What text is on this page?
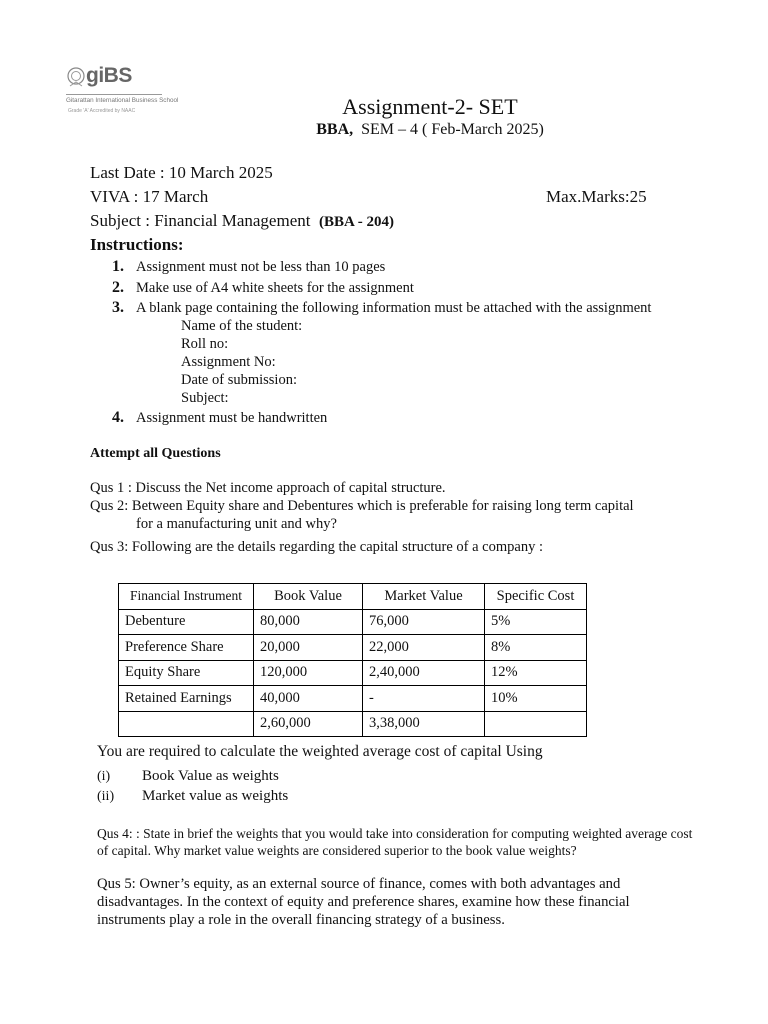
giBS
Gitarattan International Business School
Grade 'A' Accredited by NAAC	Assignment-2- SET
BBA, SEM – 4 ( Feb-March 2025)
Last Date : 10 March 2025
VIVA : 17 March	Max.Marks:25
Subject : Financial Management (BBA - 204)
Instructions:
1. Assignment must not be less than 10 pages
2. Make use of A4 white sheets for the assignment
3. A blank page containing the following information must be attached with the assignment
Name of the student:
Roll no:
Assignment No:
Date of submission:
Subject:
4. Assignment must be handwritten
Attempt all Questions
Qus 1 : Discuss the Net income approach of capital structure.
Qus 2: Between Equity share and Debentures which is preferable for raising long term capital
for a manufacturing unit and why?
Qus 3: Following are the details regarding the capital structure of a company :
Financial Instrument	Book Value	Market Value	Specific Cost
Debenture	80,000	76,000	5%
Preference Share	20,000	22,000	8%
Equity Share	120,000	2,40,000	12%
Retained Earnings	40,000	-	10%
	2,60,000	3,38,000	
You are required to calculate the weighted average cost of capital Using
(i) Book Value as weights
(ii) Market value as weights
Qus 4: : State in brief the weights that you would take into consideration for computing weighted average cost of capital. Why market value weights are considered superior to the book value weights?
Qus 5: Owner’s equity, as an external source of finance, comes with both advantages and disadvantages. In the context of equity and preference shares, examine how these financial instruments play a role in the overall financing strategy of a business.
